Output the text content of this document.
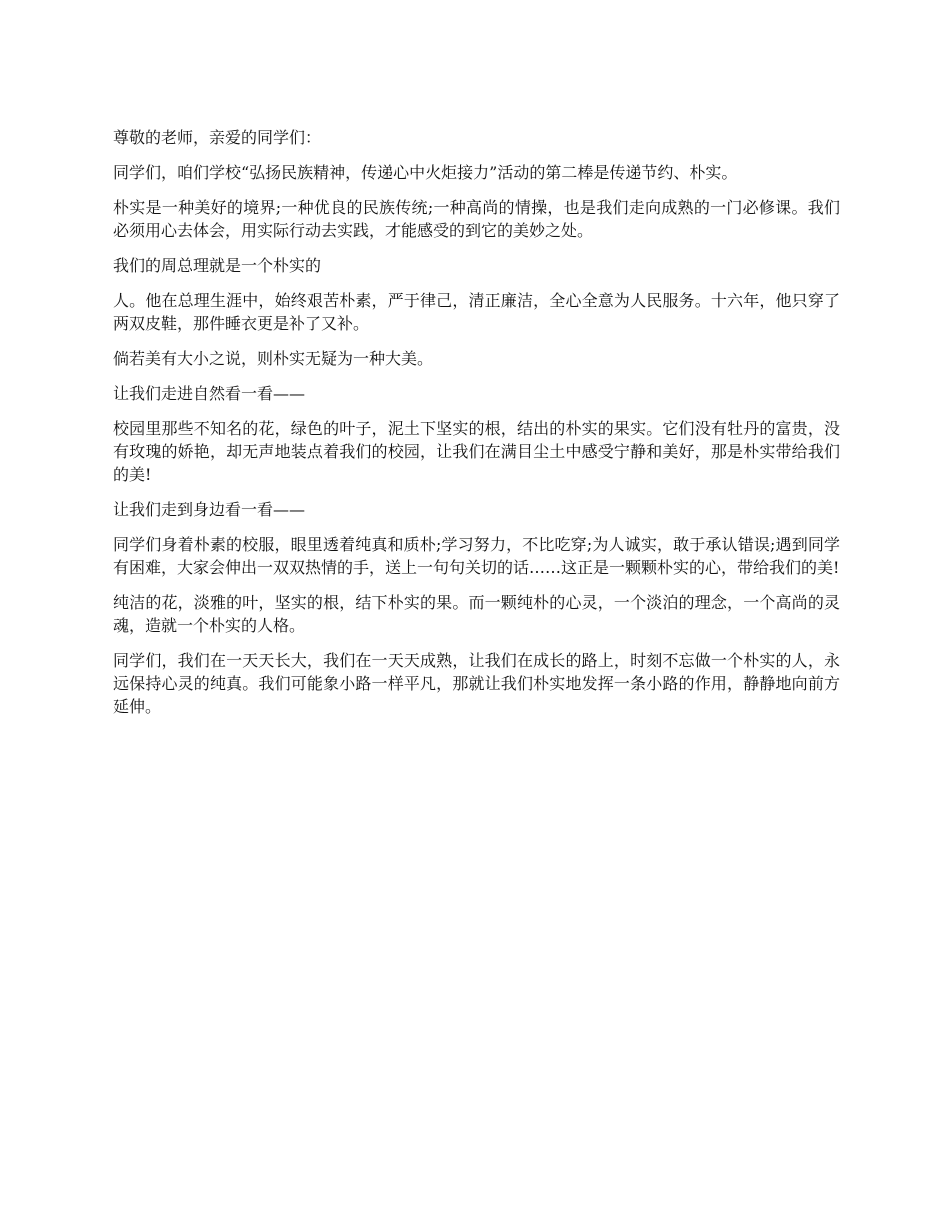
尊敬的老师，亲爱的同学们：

同学们，咱们学校“弘扬民族精神，传递心中火炬接力”活动的第二棒是传递节约、朴实。

朴实是一种美好的境界;一种优良的民族传统;一种高尚的情操，也是我们走向成熟的一门必修课。我们必须用心去体会，用实际行动去实践，才能感受的到它的美妙之处。

我们的周总理就是一个朴实的

人。他在总理生涯中，始终艰苦朴素，严于律己，清正廉洁，全心全意为人民服务。十六年，他只穿了两双皮鞋，那件睡衣更是补了又补。

倘若美有大小之说，则朴实无疑为一种大美。

让我们走进自然看一看——

校园里那些不知名的花，绿色的叶子，泥土下坚实的根，结出的朴实的果实。它们没有牡丹的富贵，没有玫瑰的娇艳，却无声地装点着我们的校园，让我们在满目尘土中感受宁静和美好，那是朴实带给我们的美!

让我们走到身边看一看——

同学们身着朴素的校服，眼里透着纯真和质朴;学习努力，不比吃穿;为人诚实，敢于承认错误;遇到同学有困难，大家会伸出一双双热情的手，送上一句句关切的话……这正是一颗颗朴实的心，带给我们的美!

纯洁的花，淡雅的叶，坚实的根，结下朴实的果。而一颗纯朴的心灵，一个淡泊的理念，一个高尚的灵魂，造就一个朴实的人格。

同学们，我们在一天天长大，我们在一天天成熟，让我们在成长的路上，时刻不忘做一个朴实的人，永远保持心灵的纯真。我们可能象小路一样平凡，那就让我们朴实地发挥一条小路的作用，静静地向前方延伸。
